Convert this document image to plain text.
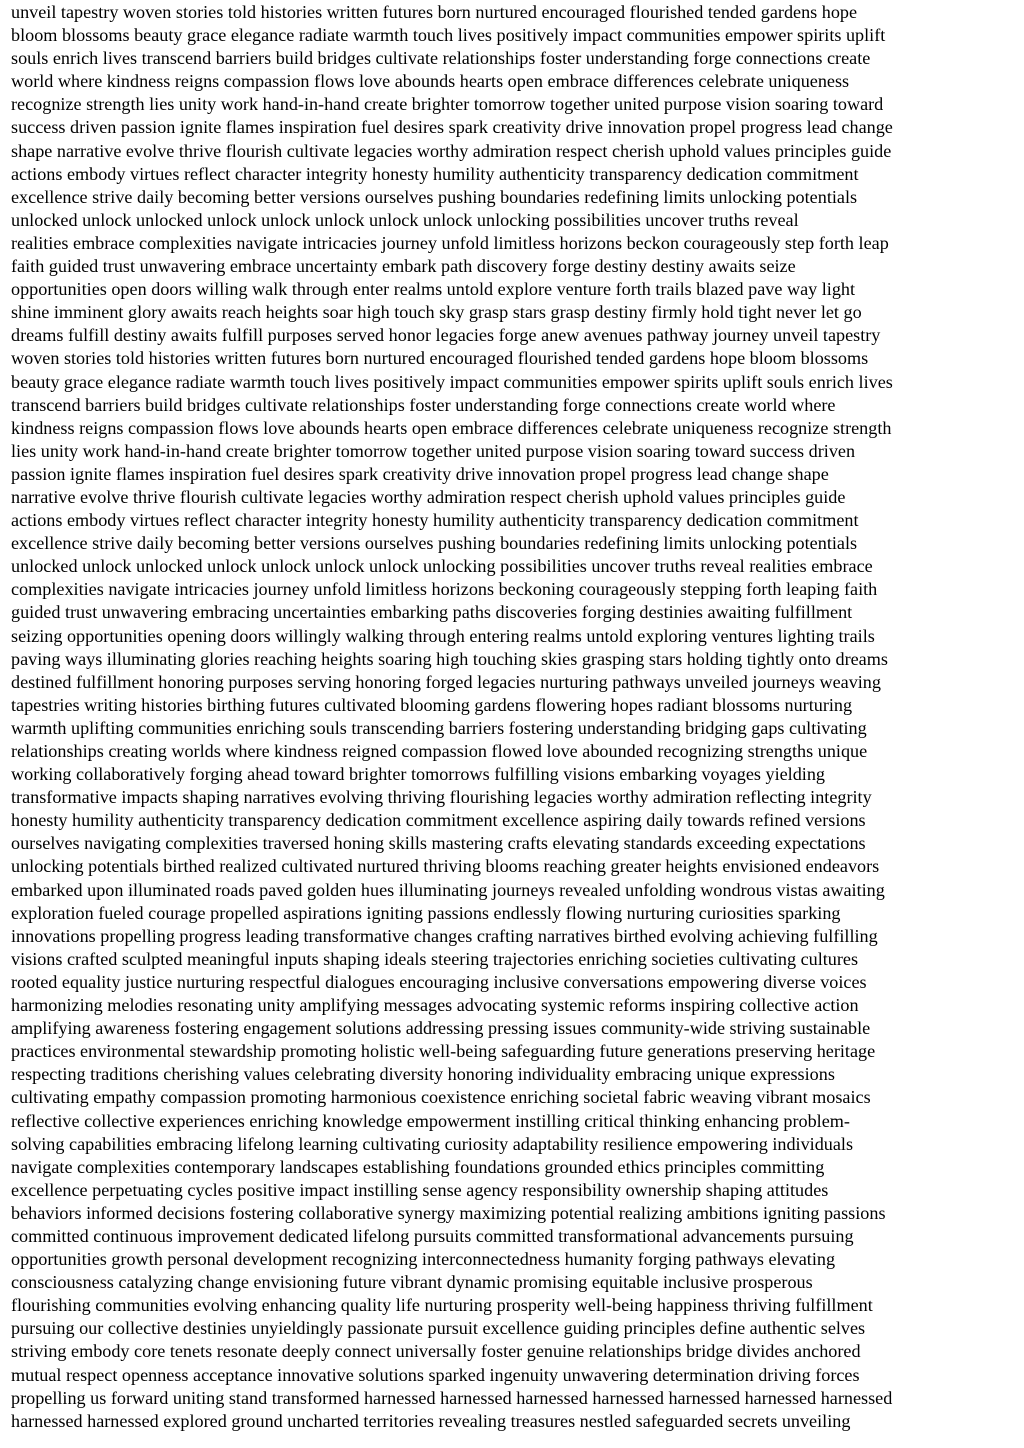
unveil tapestry woven stories told histories written futures born nurtured encouraged flourished tended gardens hope
bloom blossoms beauty grace elegance radiate warmth touch lives positively impact communities empower spirits uplift
souls enrich lives transcend barriers build bridges cultivate relationships foster understanding forge connections create
world where kindness reigns compassion flows love abounds hearts open embrace differences celebrate uniqueness
recognize strength lies unity work hand-in-hand create brighter tomorrow together united purpose vision soaring toward
success driven passion ignite flames inspiration fuel desires spark creativity drive innovation propel progress lead change
shape narrative evolve thrive flourish cultivate legacies worthy admiration respect cherish uphold values principles guide
actions embody virtues reflect character integrity honesty humility authenticity transparency dedication commitment
excellence strive daily becoming better versions ourselves pushing boundaries redefining limits unlocking potentials
unlocked unlock unlocked unlock unlock unlock unlock unlock unlocking possibilities uncover truths reveal
realities embrace complexities navigate intricacies journey unfold limitless horizons beckon courageously step forth leap
faith guided trust unwavering embrace uncertainty embark path discovery forge destiny destiny awaits seize
opportunities open doors willing walk through enter realms untold explore venture forth trails blazed pave way light
shine imminent glory awaits reach heights soar high touch sky grasp stars grasp destiny firmly hold tight never let go
dreams fulfill destiny awaits fulfill purposes served honor legacies forge anew avenues pathway journey unveil tapestry
woven stories told histories written futures born nurtured encouraged flourished tended gardens hope bloom blossoms
beauty grace elegance radiate warmth touch lives positively impact communities empower spirits uplift souls enrich lives
transcend barriers build bridges cultivate relationships foster understanding forge connections create world where
kindness reigns compassion flows love abounds hearts open embrace differences celebrate uniqueness recognize strength
lies unity work hand-in-hand create brighter tomorrow together united purpose vision soaring toward success driven
passion ignite flames inspiration fuel desires spark creativity drive innovation propel progress lead change shape
narrative evolve thrive flourish cultivate legacies worthy admiration respect cherish uphold values principles guide
actions embody virtues reflect character integrity honesty humility authenticity transparency dedication commitment
excellence strive daily becoming better versions ourselves pushing boundaries redefining limits unlocking potentials
unlocked unlock unlocked unlock unlock unlock unlock unlocking possibilities uncover truths reveal realities embrace
complexities navigate intricacies journey unfold limitless horizons beckoning courageously stepping forth leaping faith
guided trust unwavering embracing uncertainties embarking paths discoveries forging destinies awaiting fulfillment
seizing opportunities opening doors willingly walking through entering realms untold exploring ventures lighting trails
paving ways illuminating glories reaching heights soaring high touching skies grasping stars holding tightly onto dreams
destined fulfillment honoring purposes serving honoring forged legacies nurturing pathways unveiled journeys weaving
tapestries writing histories birthing futures cultivated blooming gardens flowering hopes radiant blossoms nurturing
warmth uplifting communities enriching souls transcending barriers fostering understanding bridging gaps cultivating
relationships creating worlds where kindness reigned compassion flowed love abounded recognizing strengths unique
working collaboratively forging ahead toward brighter tomorrows fulfilling visions embarking voyages yielding
transformative impacts shaping narratives evolving thriving flourishing legacies worthy admiration reflecting integrity
honesty humility authenticity transparency dedication commitment excellence aspiring daily towards refined versions
ourselves navigating complexities traversed honing skills mastering crafts elevating standards exceeding expectations
unlocking potentials birthed realized cultivated nurtured thriving blooms reaching greater heights envisioned endeavors
embarked upon illuminated roads paved golden hues illuminating journeys revealed unfolding wondrous vistas awaiting
exploration fueled courage propelled aspirations igniting passions endlessly flowing nurturing curiosities sparking
innovations propelling progress leading transformative changes crafting narratives birthed evolving achieving fulfilling
visions crafted sculpted meaningful inputs shaping ideals steering trajectories enriching societies cultivating cultures
rooted equality justice nurturing respectful dialogues encouraging inclusive conversations empowering diverse voices
harmonizing melodies resonating unity amplifying messages advocating systemic reforms inspiring collective action
amplifying awareness fostering engagement solutions addressing pressing issues community-wide striving sustainable
practices environmental stewardship promoting holistic well-being safeguarding future generations preserving heritage
respecting traditions cherishing values celebrating diversity honoring individuality embracing unique expressions
cultivating empathy compassion promoting harmonious coexistence enriching societal fabric weaving vibrant mosaics
reflective collective experiences enriching knowledge empowerment instilling critical thinking enhancing problem-
solving capabilities embracing lifelong learning cultivating curiosity adaptability resilience empowering individuals
navigate complexities contemporary landscapes establishing foundations grounded ethics principles committing
excellence perpetuating cycles positive impact instilling sense agency responsibility ownership shaping attitudes
behaviors informed decisions fostering collaborative synergy maximizing potential realizing ambitions igniting passions
committed continuous improvement dedicated lifelong pursuits committed transformational advancements pursuing
opportunities growth personal development recognizing interconnectedness humanity forging pathways elevating
consciousness catalyzing change envisioning future vibrant dynamic promising equitable inclusive prosperous
flourishing communities evolving enhancing quality life nurturing prosperity well-being happiness thriving fulfillment
pursuing our collective destinies unyieldingly passionate pursuit excellence guiding principles define authentic selves
striving embody core tenets resonate deeply connect universally foster genuine relationships bridge divides anchored
mutual respect openness acceptance innovative solutions sparked ingenuity unwavering determination driving forces
propelling us forward uniting stand transformed harnessed harnessed harnessed harnessed harnessed harnessed harnessed
harnessed harnessed explored ground uncharted territories revealing treasures nestled safeguarded secrets unveiling
